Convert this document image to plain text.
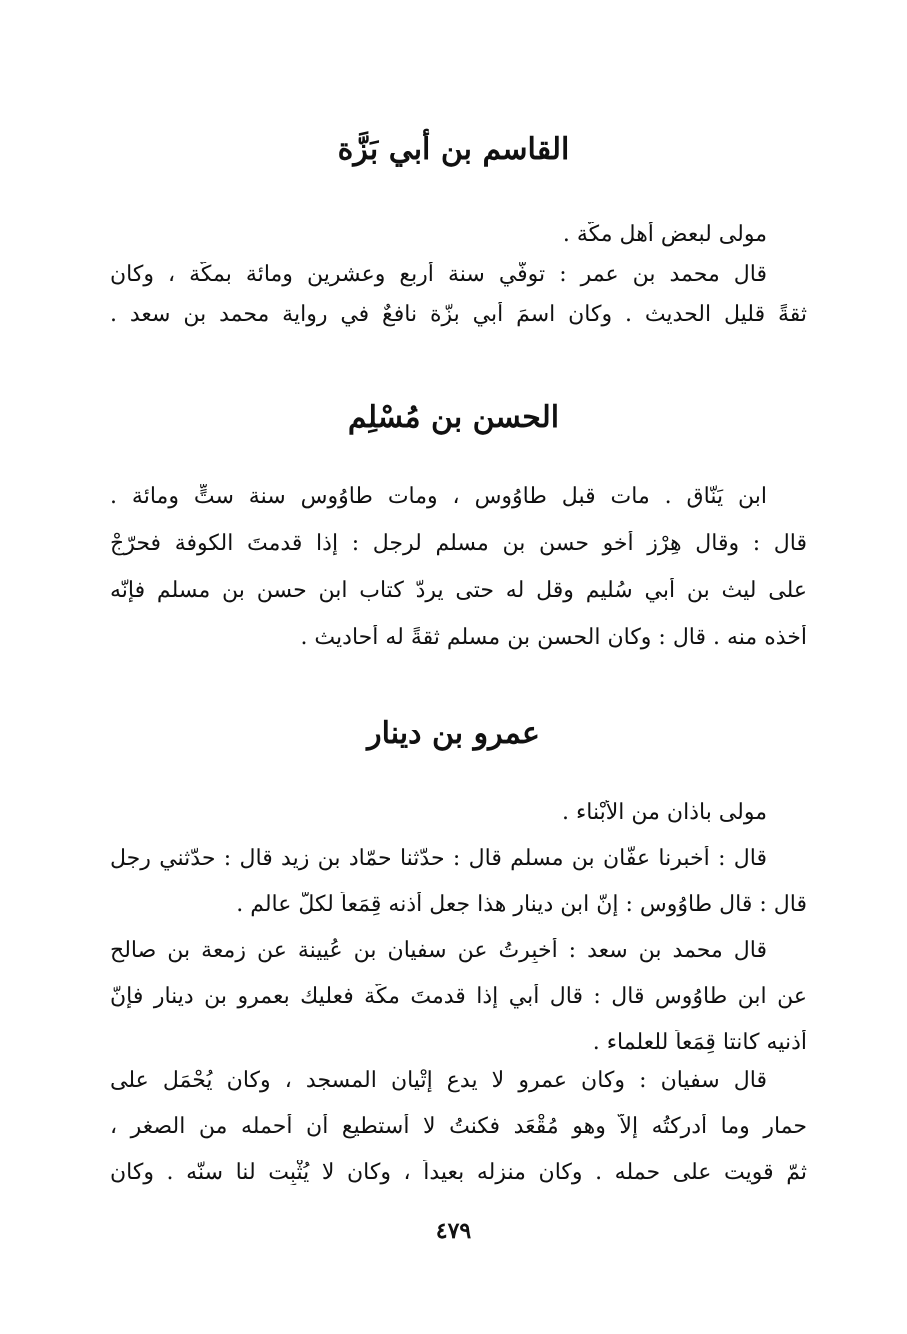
القاسم بن أبي بَزَّة
مولى لبعض أهل مكّة .
قال محمد بن عمر : توفّي سنة أربعٍ وعشرين ومائة بمكّة ، وكان
ثقةً قليل الحديث . وكان اسمَ أبي بزّة نافعٌ في رواية محمد بن سعد .
الحسن بن مُسْلِم
ابن يَنّاق . مات قبل طاوُوس ، ومات طاوُوس سنة ستٍّ ومائة .
قال : وقال هِرْز أخو حسن بن مسلم لرجل : إذا قدمتَ الكوفة فحرّجْ
على ليث بن أبي سُليم وقل له حتى يردّ كتاب ابن حسن بن مسلم فإنّه
أخذه منه . قال : وكان الحسن بن مسلم ثقةً له أحاديث .
عمرو بن دينار
مولى باذان من الأبْناء .
قال : أخبرنا عفّان بن مسلم قال : حدّثنا حمّاد بن زيد قال : حدّثني رجل
قال : قال طاوُوس : إنّ ابن دينار هذا جعل أُذنه قِمَعاً لكلّ عالم .
قال محمد بن سعد : أُخبِرتُ عن سفيان بن عُيينة عن زمعة بن صالح
عن ابن طاوُوس قال : قال أبي إذا قدمتَ مكّة فعليك بعمرو بن دينار فإنّ
أذنيه كانتا قِمَعاً للعلماء .
قال سفيان : وكان عمرو لا يدع إتْيان المسجد ، وكان يُحْمَل على
حمار وما أدركتُه إلاّ وهو مُقْعَد فكنتُ لا أستطيع أن أحمله من الصغر ،
ثمّ قويت على حمله . وكان منزله بعيداً ، وكان لا يُثْبِت لنا سنّه . وكان
٤٧٩
